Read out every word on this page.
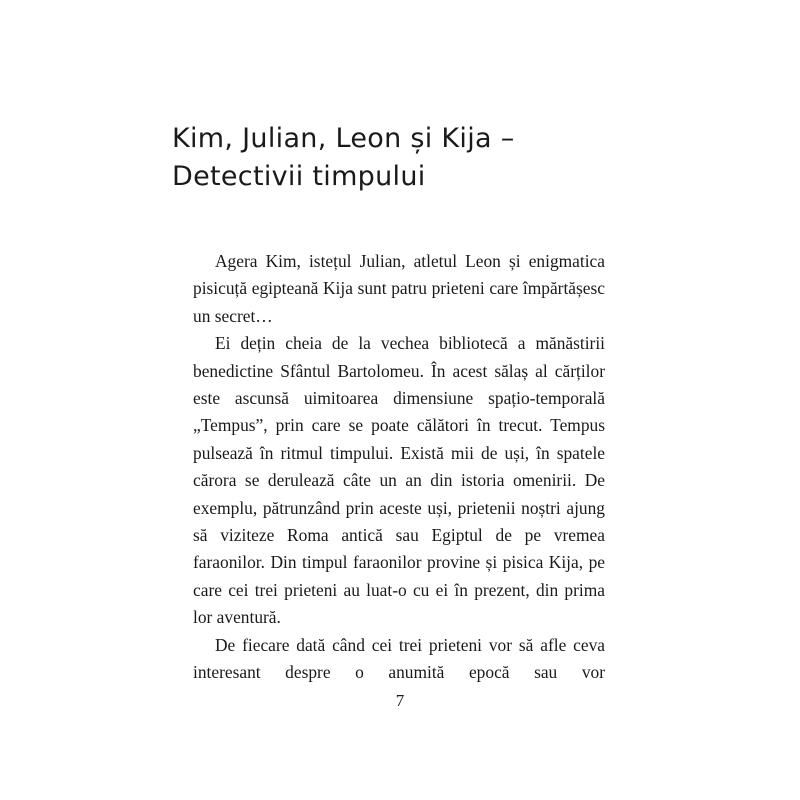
Kim, Julian, Leon și Kija –
Detectivii timpului

Agera Kim, istețul Julian, atletul Leon și enigmatica pisicuță egipteană Kija sunt patru prieteni care împărtășesc un secret…

Ei dețin cheia de la vechea bibliotecă a mănăstirii benedictine Sfântul Bartolomeu. În acest sălaș al cărților este ascunsă uimitoarea dimensiune spațio-temporală „Tempus”, prin care se poate călători în trecut. Tempus pulsează în ritmul timpului. Există mii de uși, în spatele cărora se derulează câte un an din istoria omenirii. De exemplu, pătrunzând prin aceste uși, prietenii noștri ajung să viziteze Roma antică sau Egiptul de pe vremea faraonilor. Din timpul faraonilor provine și pisica Kija, pe care cei trei prieteni au luat-o cu ei în prezent, din prima lor aventură.

De fiecare dată când cei trei prieteni vor să afle ceva interesant despre o anumită epocă sau vor

7
